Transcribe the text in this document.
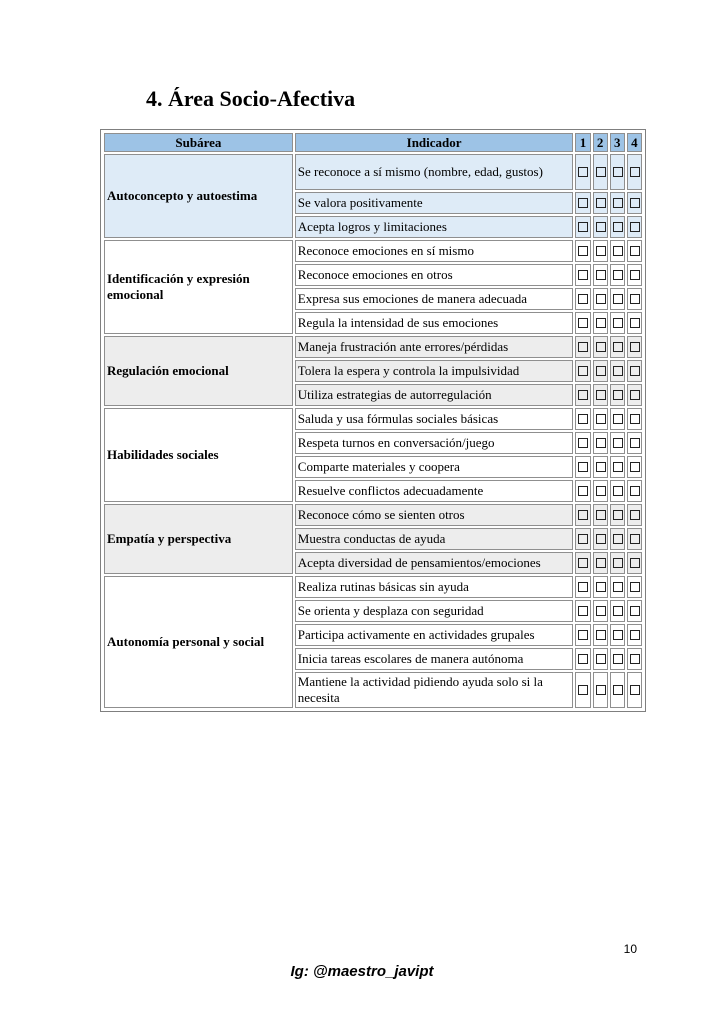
4. Área Socio-Afectiva
Subárea	Indicador	1	2	3	4
Autoconcepto y autoestima	Se reconoce a sí mismo (nombre, edad, gustos)				
	Se valora positivamente				
	Acepta logros y limitaciones				
Identificación y expresión emocional	Reconoce emociones en sí mismo				
	Reconoce emociones en otros				
	Expresa sus emociones de manera adecuada				
	Regula la intensidad de sus emociones				
Regulación emocional	Maneja frustración ante errores/pérdidas				
	Tolera la espera y controla la impulsividad				
	Utiliza estrategias de autorregulación				
Habilidades sociales	Saluda y usa fórmulas sociales básicas				
	Respeta turnos en conversación/juego				
	Comparte materiales y coopera				
	Resuelve conflictos adecuadamente				
Empatía y perspectiva	Reconoce cómo se sienten otros				
	Muestra conductas de ayuda				
	Acepta diversidad de pensamientos/emociones				
Autonomía personal y social	Realiza rutinas básicas sin ayuda				
	Se orienta y desplaza con seguridad				
	Participa activamente en actividades grupales				
	Inicia tareas escolares de manera autónoma				
	Mantiene la actividad pidiendo ayuda solo si la necesita				
10
Ig: @maestro_javipt
